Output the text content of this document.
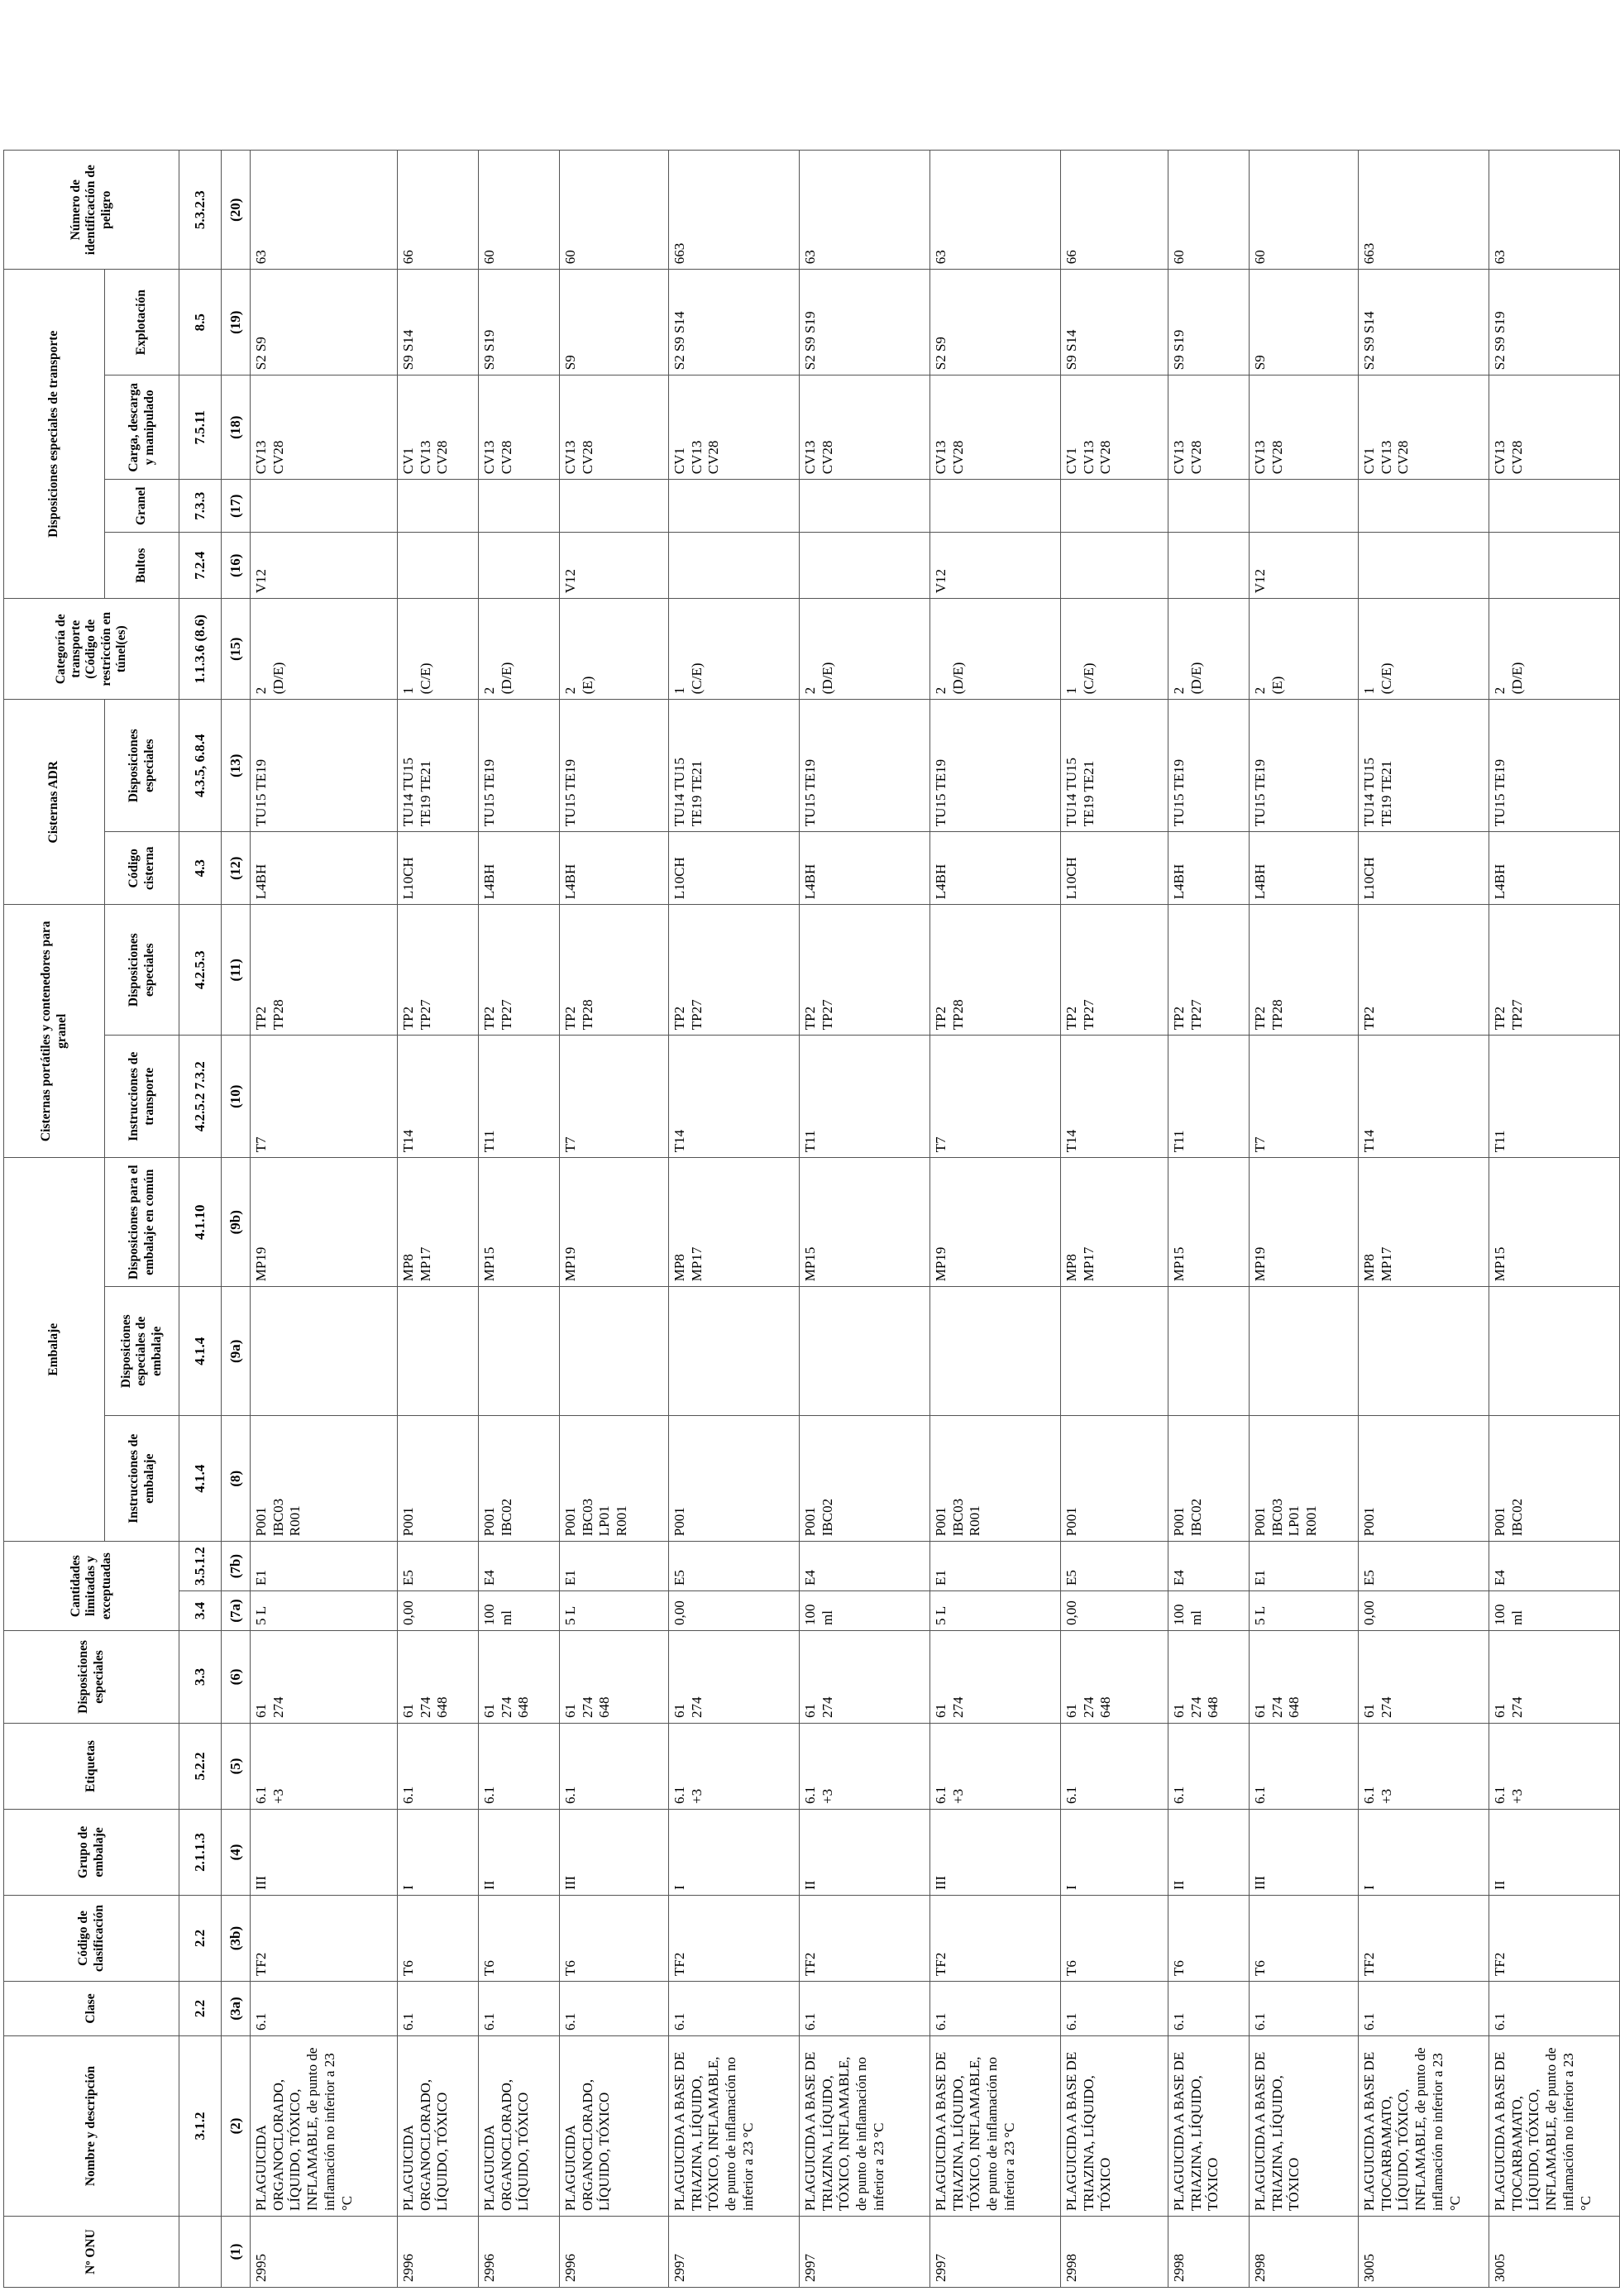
Nº ONU	Nombre y descripción	Clase	Código de clasificación	Grupo de embalaje	Etiquetas	Disposiciones especiales	Cantidades limitadas y exceptuadas		Embalaje			Cisternas portátiles y contenedores para granel		Cisternas ADR		Categoría de transporte (Código de restricción en túnel(es)	Disposiciones especiales de transporte				Número de identificación de peligro
									Instrucciones de embalaje	Disposiciones especiales de embalaje	Disposiciones para el embalaje en común	Instrucciones de transporte	Disposiciones especiales	Código cisterna	Disposiciones especiales		Bultos	Granel	Carga, descarga y manipulado	Explotación	

	3.1.2	2.2	2.2	2.1.1.3	5.2.2	3.3	3.4	3.5.1.2	4.1.4	4.1.4	4.1.10	4.2.5.2 7.3.2	4.2.5.3	4.3	4.3.5, 6.8.4	1.1.3.6 (8.6)	7.2.4	7.3.3	7.5.11	8.5	5.3.2.3

(1)	(2)	(3a)	(3b)	(4)	(5)	(6)	(7a)	(7b)	(8)	(9a)	(9b)	(10)	(11)	(12)	(13)	(15)	(16)	(17)	(18)	(19)	(20)

2995	PLAGUICIDA ORGANOCLORADO, LÍQUIDO, TÓXICO, INFLAMABLE, de punto de inflamación no inferior a 23 °C	6.1	TF2	III	6.1 +3	61 274	5 L	E1	P001 IBC03 R001		MP19	T7	TP2 TP28	L4BH	TU15 TE19	2 (D/E)	V12		CV13 CV28	S2 S9	63

2996	PLAGUICIDA ORGANOCLORADO, LÍQUIDO, TÓXICO	6.1	T6	I	6.1	61 274 648	0,00	E5	P001		MP8 MP17	T14	TP2 TP27	L10CH	TU14 TU15 TE19 TE21	1 (C/E)			CV1 CV13 CV28	S9 S14	66

2996	PLAGUICIDA ORGANOCLORADO, LÍQUIDO, TÓXICO	6.1	T6	II	6.1	61 274 648	100 ml	E4	P001 IBC02		MP15	T11	TP2 TP27	L4BH	TU15 TE19	2 (D/E)			CV13 CV28	S9 S19	60

2996	PLAGUICIDA ORGANOCLORADO, LÍQUIDO, TÓXICO	6.1	T6	III	6.1	61 274 648	5 L	E1	P001 IBC03 LP01 R001		MP19	T7	TP2 TP28	L4BH	TU15 TE19	2 (E)	V12		CV13 CV28	S9	60

2997	PLAGUICIDA A BASE DE TRIAZINA, LÍQUIDO, TÓXICO, INFLAMABLE, de punto de inflamación no inferior a 23 °C	6.1	TF2	I	6.1 +3	61 274	0,00	E5	P001		MP8 MP17	T14	TP2 TP27	L10CH	TU14 TU15 TE19 TE21	1 (C/E)			CV1 CV13 CV28	S2 S9 S14	663

2997	PLAGUICIDA A BASE DE TRIAZINA, LÍQUIDO, TÓXICO, INFLAMABLE, de punto de inflamación no inferior a 23 °C	6.1	TF2	II	6.1 +3	61 274	100 ml	E4	P001 IBC02		MP15	T11	TP2 TP27	L4BH	TU15 TE19	2 (D/E)			CV13 CV28	S2 S9 S19	63

2997	PLAGUICIDA A BASE DE TRIAZINA, LÍQUIDO, TÓXICO, INFLAMABLE, de punto de inflamación no inferior a 23 °C	6.1	TF2	III	6.1 +3	61 274	5 L	E1	P001 IBC03 R001		MP19	T7	TP2 TP28	L4BH	TU15 TE19	2 (D/E)	V12		CV13 CV28	S2 S9	63

2998	PLAGUICIDA A BASE DE TRIAZINA, LÍQUIDO, TÓXICO	6.1	T6	I	6.1	61 274 648	0,00	E5	P001		MP8 MP17	T14	TP2 TP27	L10CH	TU14 TU15 TE19 TE21	1 (C/E)			CV1 CV13 CV28	S9 S14	66

2998	PLAGUICIDA A BASE DE TRIAZINA, LÍQUIDO, TÓXICO	6.1	T6	II	6.1	61 274 648	100 ml	E4	P001 IBC02		MP15	T11	TP2 TP27	L4BH	TU15 TE19	2 (D/E)			CV13 CV28	S9 S19	60

2998	PLAGUICIDA A BASE DE TRIAZINA, LÍQUIDO, TÓXICO	6.1	T6	III	6.1	61 274 648	5 L	E1	P001 IBC03 LP01 R001		MP19	T7	TP2 TP28	L4BH	TU15 TE19	2 (E)	V12		CV13 CV28	S9	60

3005	PLAGUICIDA A BASE DE TIOCARBAMATO, LÍQUIDO, TÓXICO, INFLAMABLE, de punto de inflamación no inferior a 23 °C	6.1	TF2	I	6.1 +3	61 274	0,00	E5	P001		MP8 MP17	T14	TP2	L10CH	TU14 TU15 TE19 TE21	1 (C/E)			CV1 CV13 CV28	S2 S9 S14	663

3005	PLAGUICIDA A BASE DE TIOCARBAMATO, LÍQUIDO, TÓXICO, INFLAMABLE, de punto de inflamación no inferior a 23 °C	6.1	TF2	II	6.1 +3	61 274	100 ml	E4	P001 IBC02		MP15	T11	TP2 TP27	L4BH	TU15 TE19	2 (D/E)			CV13 CV28	S2 S9 S19	63
